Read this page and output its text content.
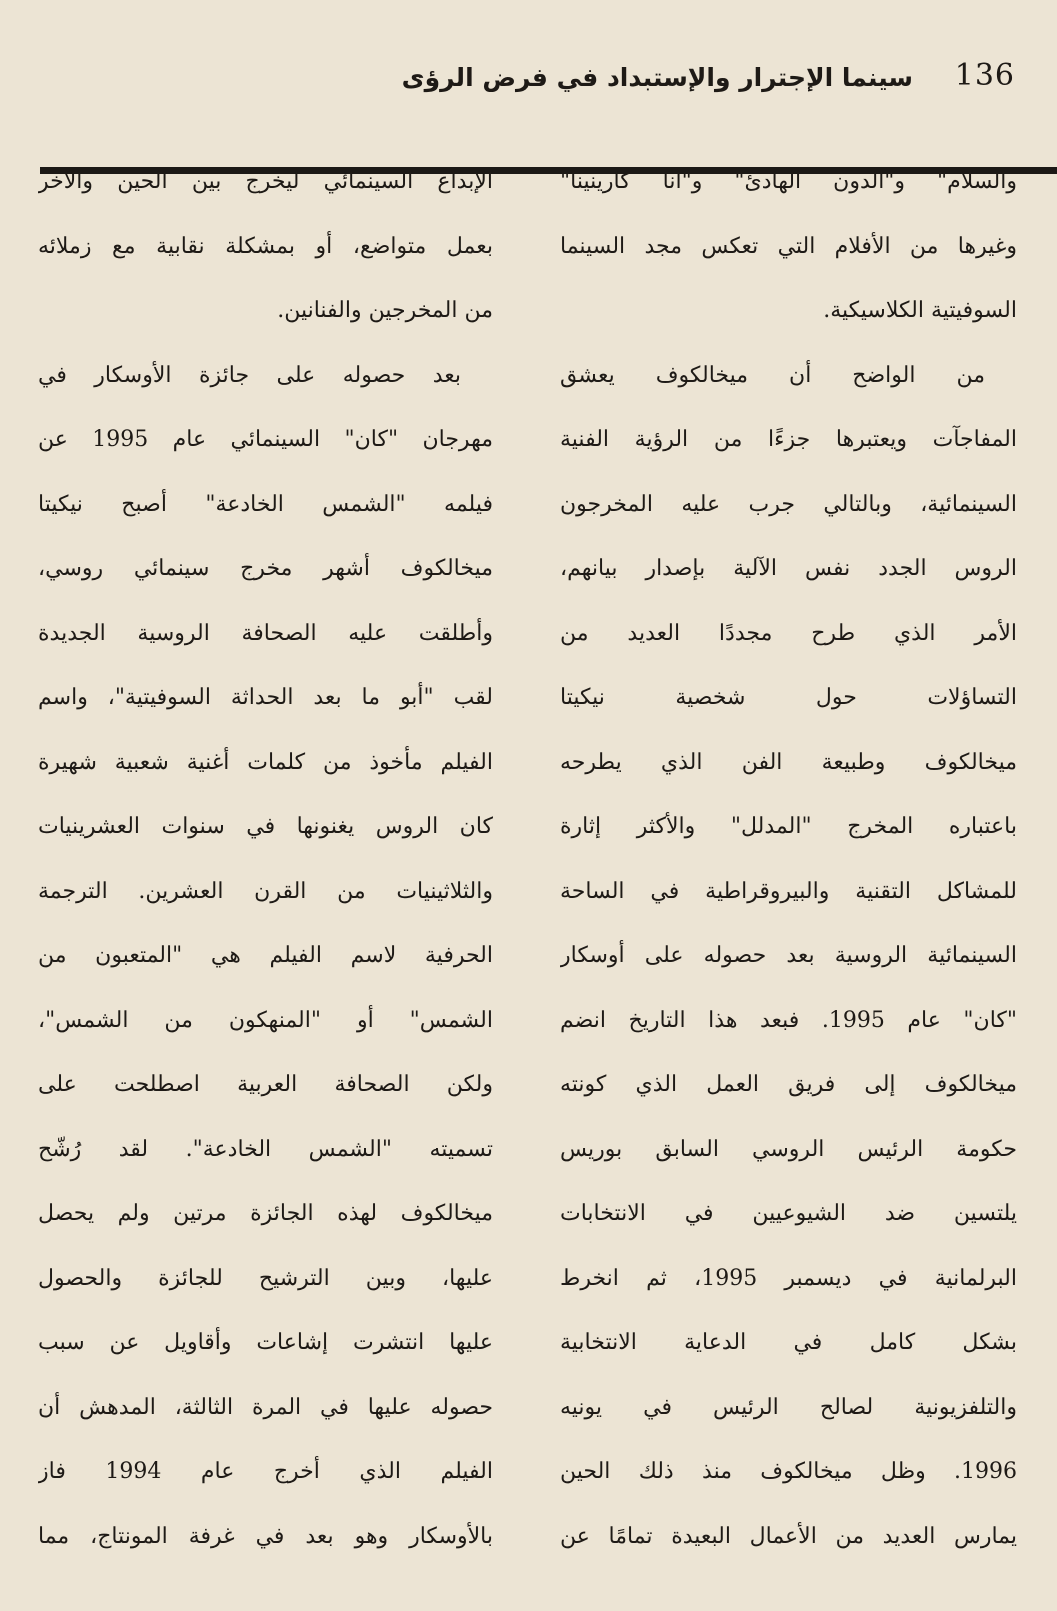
136
سينما الإجترار والإستبداد في فرض الرؤى
والسلام" و"الدون الهادئ" و"آنا كارينينا"
وغيرها من الأفلام التي تعكس مجد السينما
السوفيتية الكلاسيكية.
من الواضح أن ميخالكوف يعشق
المفاجآت ويعتبرها جزءًا من الرؤية الفنية
السينمائية، وبالتالي جرب عليه المخرجون
الروس الجدد نفس الآلية بإصدار بيانهم،
الأمر الذي طرح مجددًا العديد من
التساؤلات حول شخصية نيكيتا
ميخالكوف وطبيعة الفن الذي يطرحه
باعتباره المخرج "المدلل" والأكثر إثارة
للمشاكل التقنية والبيروقراطية في الساحة
السينمائية الروسية بعد حصوله على أوسكار
"كان" عام 1995. فبعد هذا التاريخ انضم
ميخالكوف إلى فريق العمل الذي كونته
حكومة الرئيس الروسي السابق بوريس
يلتسين ضد الشيوعيين في الانتخابات
البرلمانية في ديسمبر 1995، ثم انخرط
بشكل كامل في الدعاية الانتخابية
والتلفزيونية لصالح الرئيس في يونيه
1996. وظل ميخالكوف منذ ذلك الحين
يمارس العديد من الأعمال البعيدة تمامًا عن
الإبداع السينمائي ليخرج بين الحين والآخر
بعمل متواضع، أو بمشكلة نقابية مع زملائه
من المخرجين والفنانين.
بعد حصوله على جائزة الأوسكار في
مهرجان "كان" السينمائي عام 1995 عن
فيلمه "الشمس الخادعة" أصبح نيكيتا
ميخالكوف أشهر مخرج سينمائي روسي،
وأطلقت عليه الصحافة الروسية الجديدة
لقب "أبو ما بعد الحداثة السوفيتية"، واسم
الفيلم مأخوذ من كلمات أغنية شعبية شهيرة
كان الروس يغنونها في سنوات العشرينيات
والثلاثينيات من القرن العشرين. الترجمة
الحرفية لاسم الفيلم هي "المتعبون من
الشمس" أو "المنهكون من الشمس"،
ولكن الصحافة العربية اصطلحت على
تسميته "الشمس الخادعة". لقد رُشّح
ميخالكوف لهذه الجائزة مرتين ولم يحصل
عليها، وبين الترشيح للجائزة والحصول
عليها انتشرت إشاعات وأقاويل عن سبب
حصوله عليها في المرة الثالثة، المدهش أن
الفيلم الذي أخرج عام 1994 فاز
بالأوسكار وهو بعد في غرفة المونتاج، مما
